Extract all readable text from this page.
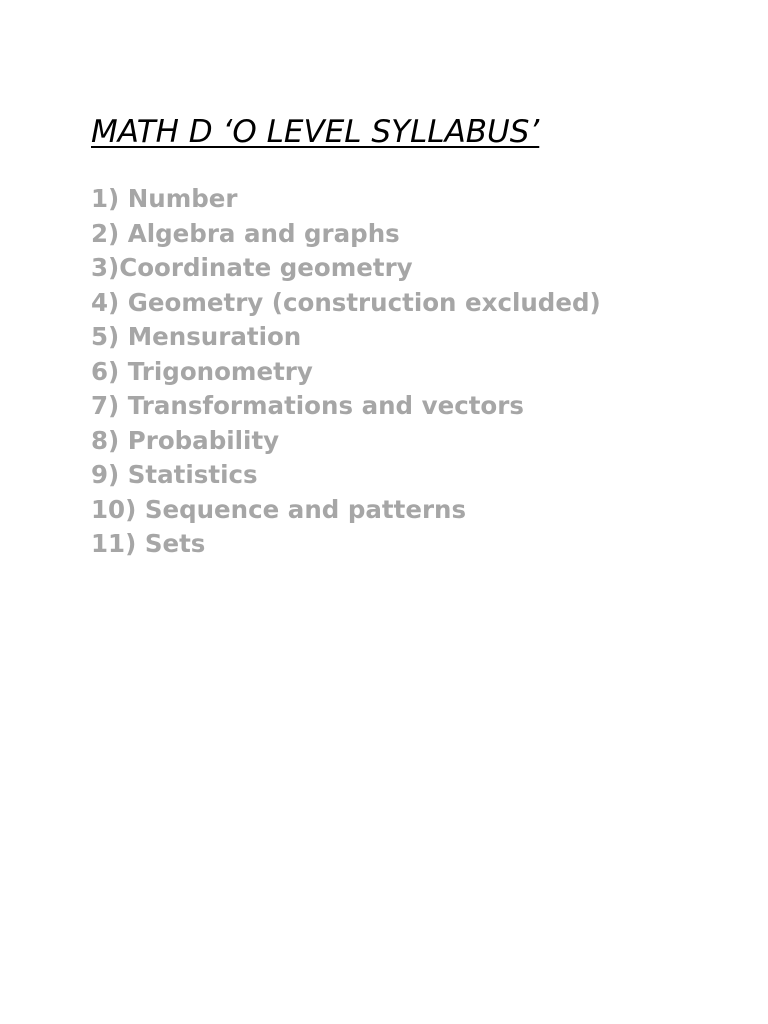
MATH D ‘O LEVEL SYLLABUS’
1) Number
2) Algebra and graphs
3)Coordinate geometry
4) Geometry (construction excluded)
5) Mensuration
6) Trigonometry
7) Transformations and vectors
8) Probability
9) Statistics
10) Sequence and patterns
11) Sets
